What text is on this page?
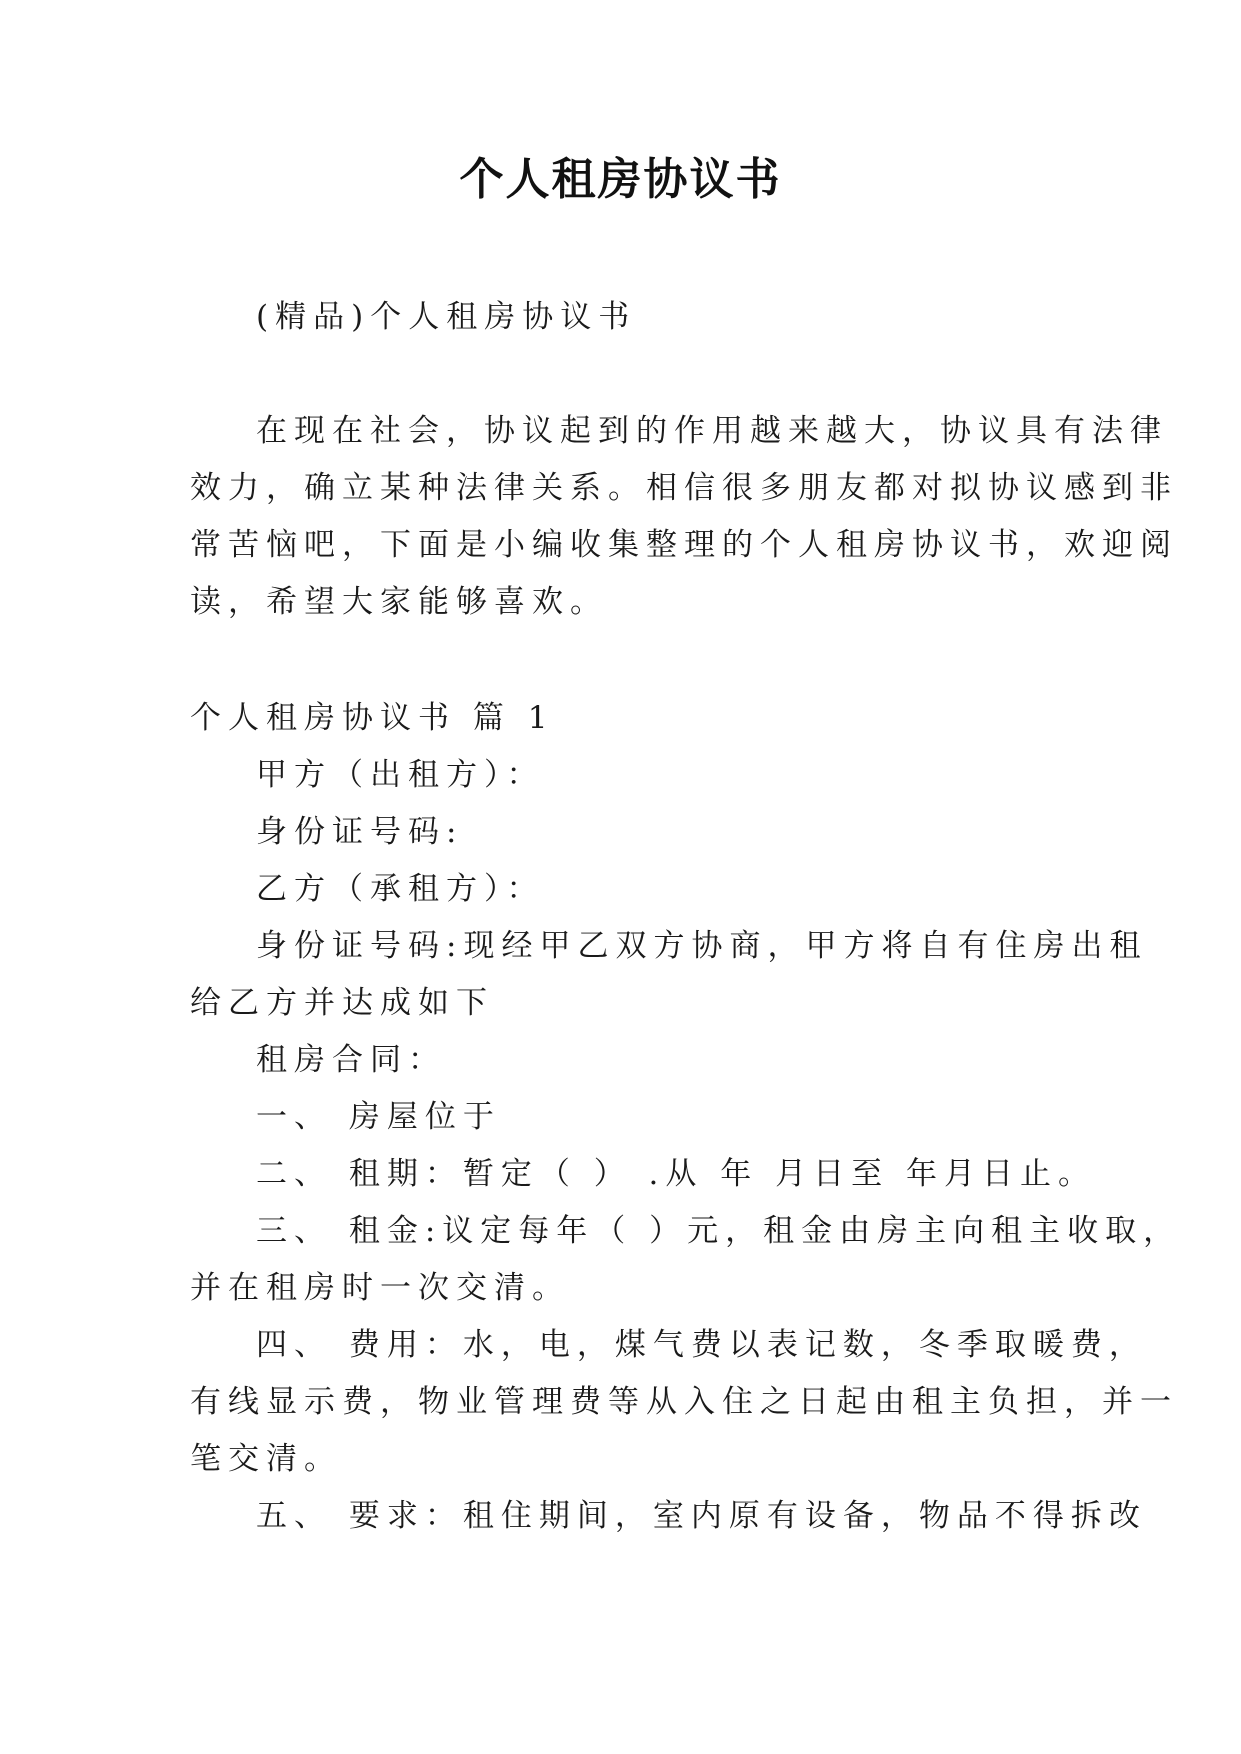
个人租房协议书
(精品)个人租房协议书
在现在社会，协议起到的作用越来越大，协议具有法律
效力，确立某种法律关系。相信很多朋友都对拟协议感到非
常苦恼吧，下面是小编收集整理的个人租房协议书，欢迎阅
读，希望大家能够喜欢。
个人租房协议书 篇 1
甲方（出租方）：
身份证号码:
乙方（承租方）：
身份证号码:现经甲乙双方协商，甲方将自有住房出租
给乙方并达成如下
租房合同：
一、 房屋位于
二、 租期：暂定（ ） .从 年 月日至 年月日止。
三、 租金:议定每年（ ）元，租金由房主向租主收取，
并在租房时一次交清。
四、 费用：水，电，煤气费以表记数，冬季取暖费，
有线显示费，物业管理费等从入住之日起由租主负担，并一
笔交清。
五、 要求：租住期间，室内原有设备，物品不得拆改
